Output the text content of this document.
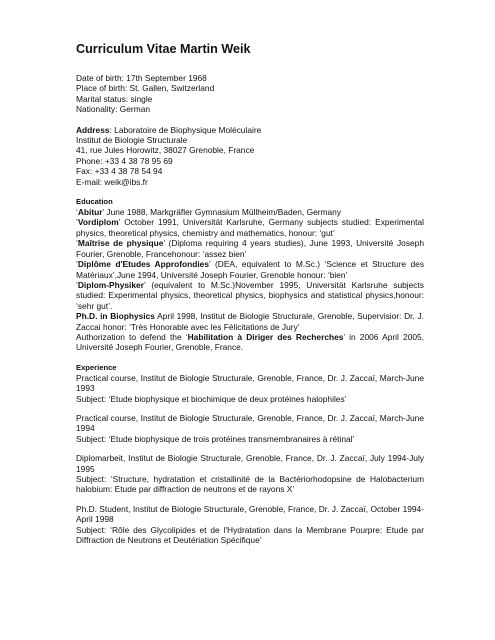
Curriculum Vitae Martin Weik

Date of birth: 17th September 1968

Place of birth: St. Gallen, Switzerland

Marital status: single

Nationality: German

Address: Laboratoire de Biophysique Moléculaire

Institut de Biologie Structurale

41, rue Jules Horowitz, 38027 Grenoble, France

Phone: +33 4 38 78 95 69

Fax: +33 4 38 78 54 94

E-mail: weik@ibs.fr

Education

‘Abitur’ June 1988, Markgräfler Gymnasium Müllheim/Baden, Germany

‘Vordiplom’ October 1991, Universität Karlsruhe, Germany subjects studied: Experimental physics, theoretical physics, chemistry and mathematics, honour: ‘gut’

‘Maîtrise de physique’ (Diploma requiring 4 years studies), June 1993, Université Joseph Fourier, Grenoble, Francehonour: ‘assez bien’

‘Diplôme d'Etudes Approfondies’ (DEA, equivalent to M.Sc.) ‘Science et Structure des Matériaux’,June 1994, Université Joseph Fourier, Grenoble honour: ‘bien’

‘Diplom-Physiker’ (equivalent to M.Sc.)November 1995, Universität Karlsruhe subjects studied: Experimental physics, theoretical physics, biophysics and statistical physics,honour: ‘sehr gut’.

Ph.D. in Biophysics April 1998, Institut de Biologie Structurale, Grenoble, Supervisior: Dr. J. Zaccai honor: ‘Très Honorable avec les Félicitations de Jury’

Authorization to defend the ‘Habilitation à Diriger des Recherches’ in 2006 April 2005, Université Joseph Fourier, Grenoble, France.

Experience

Practical course, Institut de Biologie Structurale, Grenoble, France, Dr. J. Zaccaï, March-June 1993

Subject: ‘Etude biophysique et biochimique de deux protéines halophiles’

Practical course, Institut de Biologie Structurale, Grenoble, France, Dr. J. Zaccaï, March-June 1994

Subject: ‘Etude biophysique de trois protéines transmembranaires à rétinal’

Diplomarbeit, Institut de Biologie Structurale, Grenoble, France, Dr. J. Zaccaï, July 1994-July 1995

Subject: ‘Structure, hydratation et cristallinité de la Bactériorhodopsine de Halobacterium halobium: Etude par diffraction de neutrons et de rayons X’

Ph.D. Student, Institut de Biologie Structurale, Grenoble, France, Dr. J. Zaccaï, October 1994-April 1998

Subject: ‘Rôle des Glycolipides et de l'Hydratation dans la Membrane Pourpre: Etude par Diffraction de Neutrons et Deutériation Spécifique’
